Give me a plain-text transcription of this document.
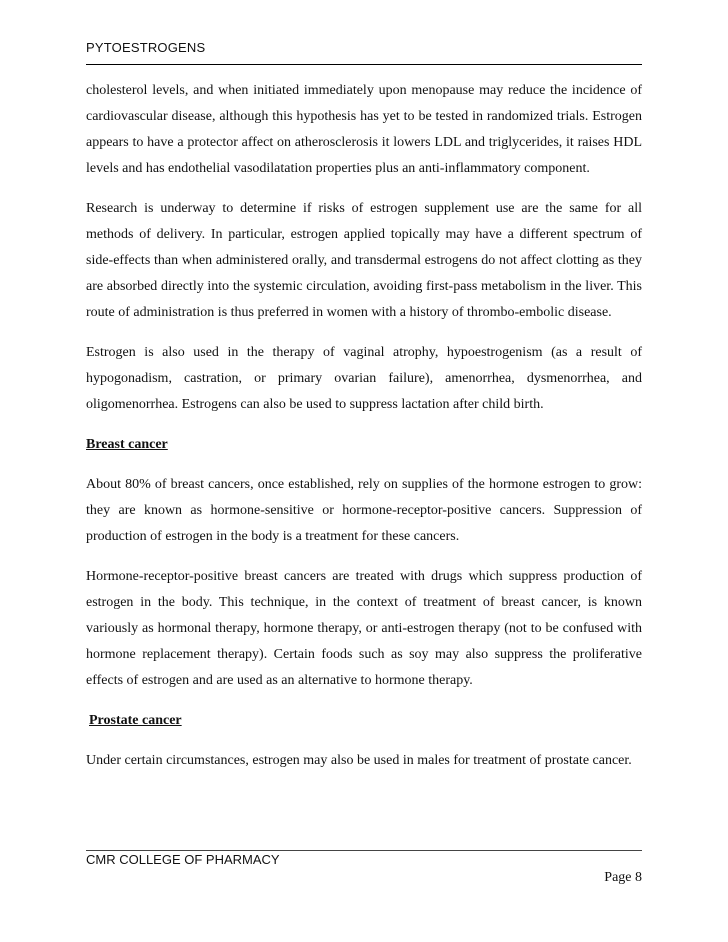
PYTOESTROGENS

cholesterol levels, and when initiated immediately upon menopause may reduce the incidence of cardiovascular disease, although this hypothesis has yet to be tested in randomized trials. Estrogen appears to have a protector affect on atherosclerosis it lowers LDL and triglycerides, it raises HDL levels and has endothelial vasodilatation properties plus an anti-inflammatory component.

Research is underway to determine if risks of estrogen supplement use are the same for all methods of delivery. In particular, estrogen applied topically may have a different spectrum of side-effects than when administered orally, and transdermal estrogens do not affect clotting as they are absorbed directly into the systemic circulation, avoiding first-pass metabolism in the liver. This route of administration is thus preferred in women with a history of thrombo-embolic disease.

Estrogen is also used in the therapy of vaginal atrophy, hypoestrogenism (as a result of hypogonadism, castration, or primary ovarian failure), amenorrhea, dysmenorrhea, and oligomenorrhea. Estrogens can also be used to suppress lactation after child birth.

Breast cancer

About 80% of breast cancers, once established, rely on supplies of the hormone estrogen to grow: they are known as hormone-sensitive or hormone-receptor-positive cancers. Suppression of production of estrogen in the body is a treatment for these cancers.

Hormone-receptor-positive breast cancers are treated with drugs which suppress production of estrogen in the body. This technique, in the context of treatment of breast cancer, is known variously as hormonal therapy, hormone therapy, or anti-estrogen therapy (not to be confused with hormone replacement therapy). Certain foods such as soy may also suppress the proliferative effects of estrogen and are used as an alternative to hormone therapy.

Prostate cancer

Under certain circumstances, estrogen may also be used in males for treatment of prostate cancer.

CMR COLLEGE OF PHARMACY
Page 8
